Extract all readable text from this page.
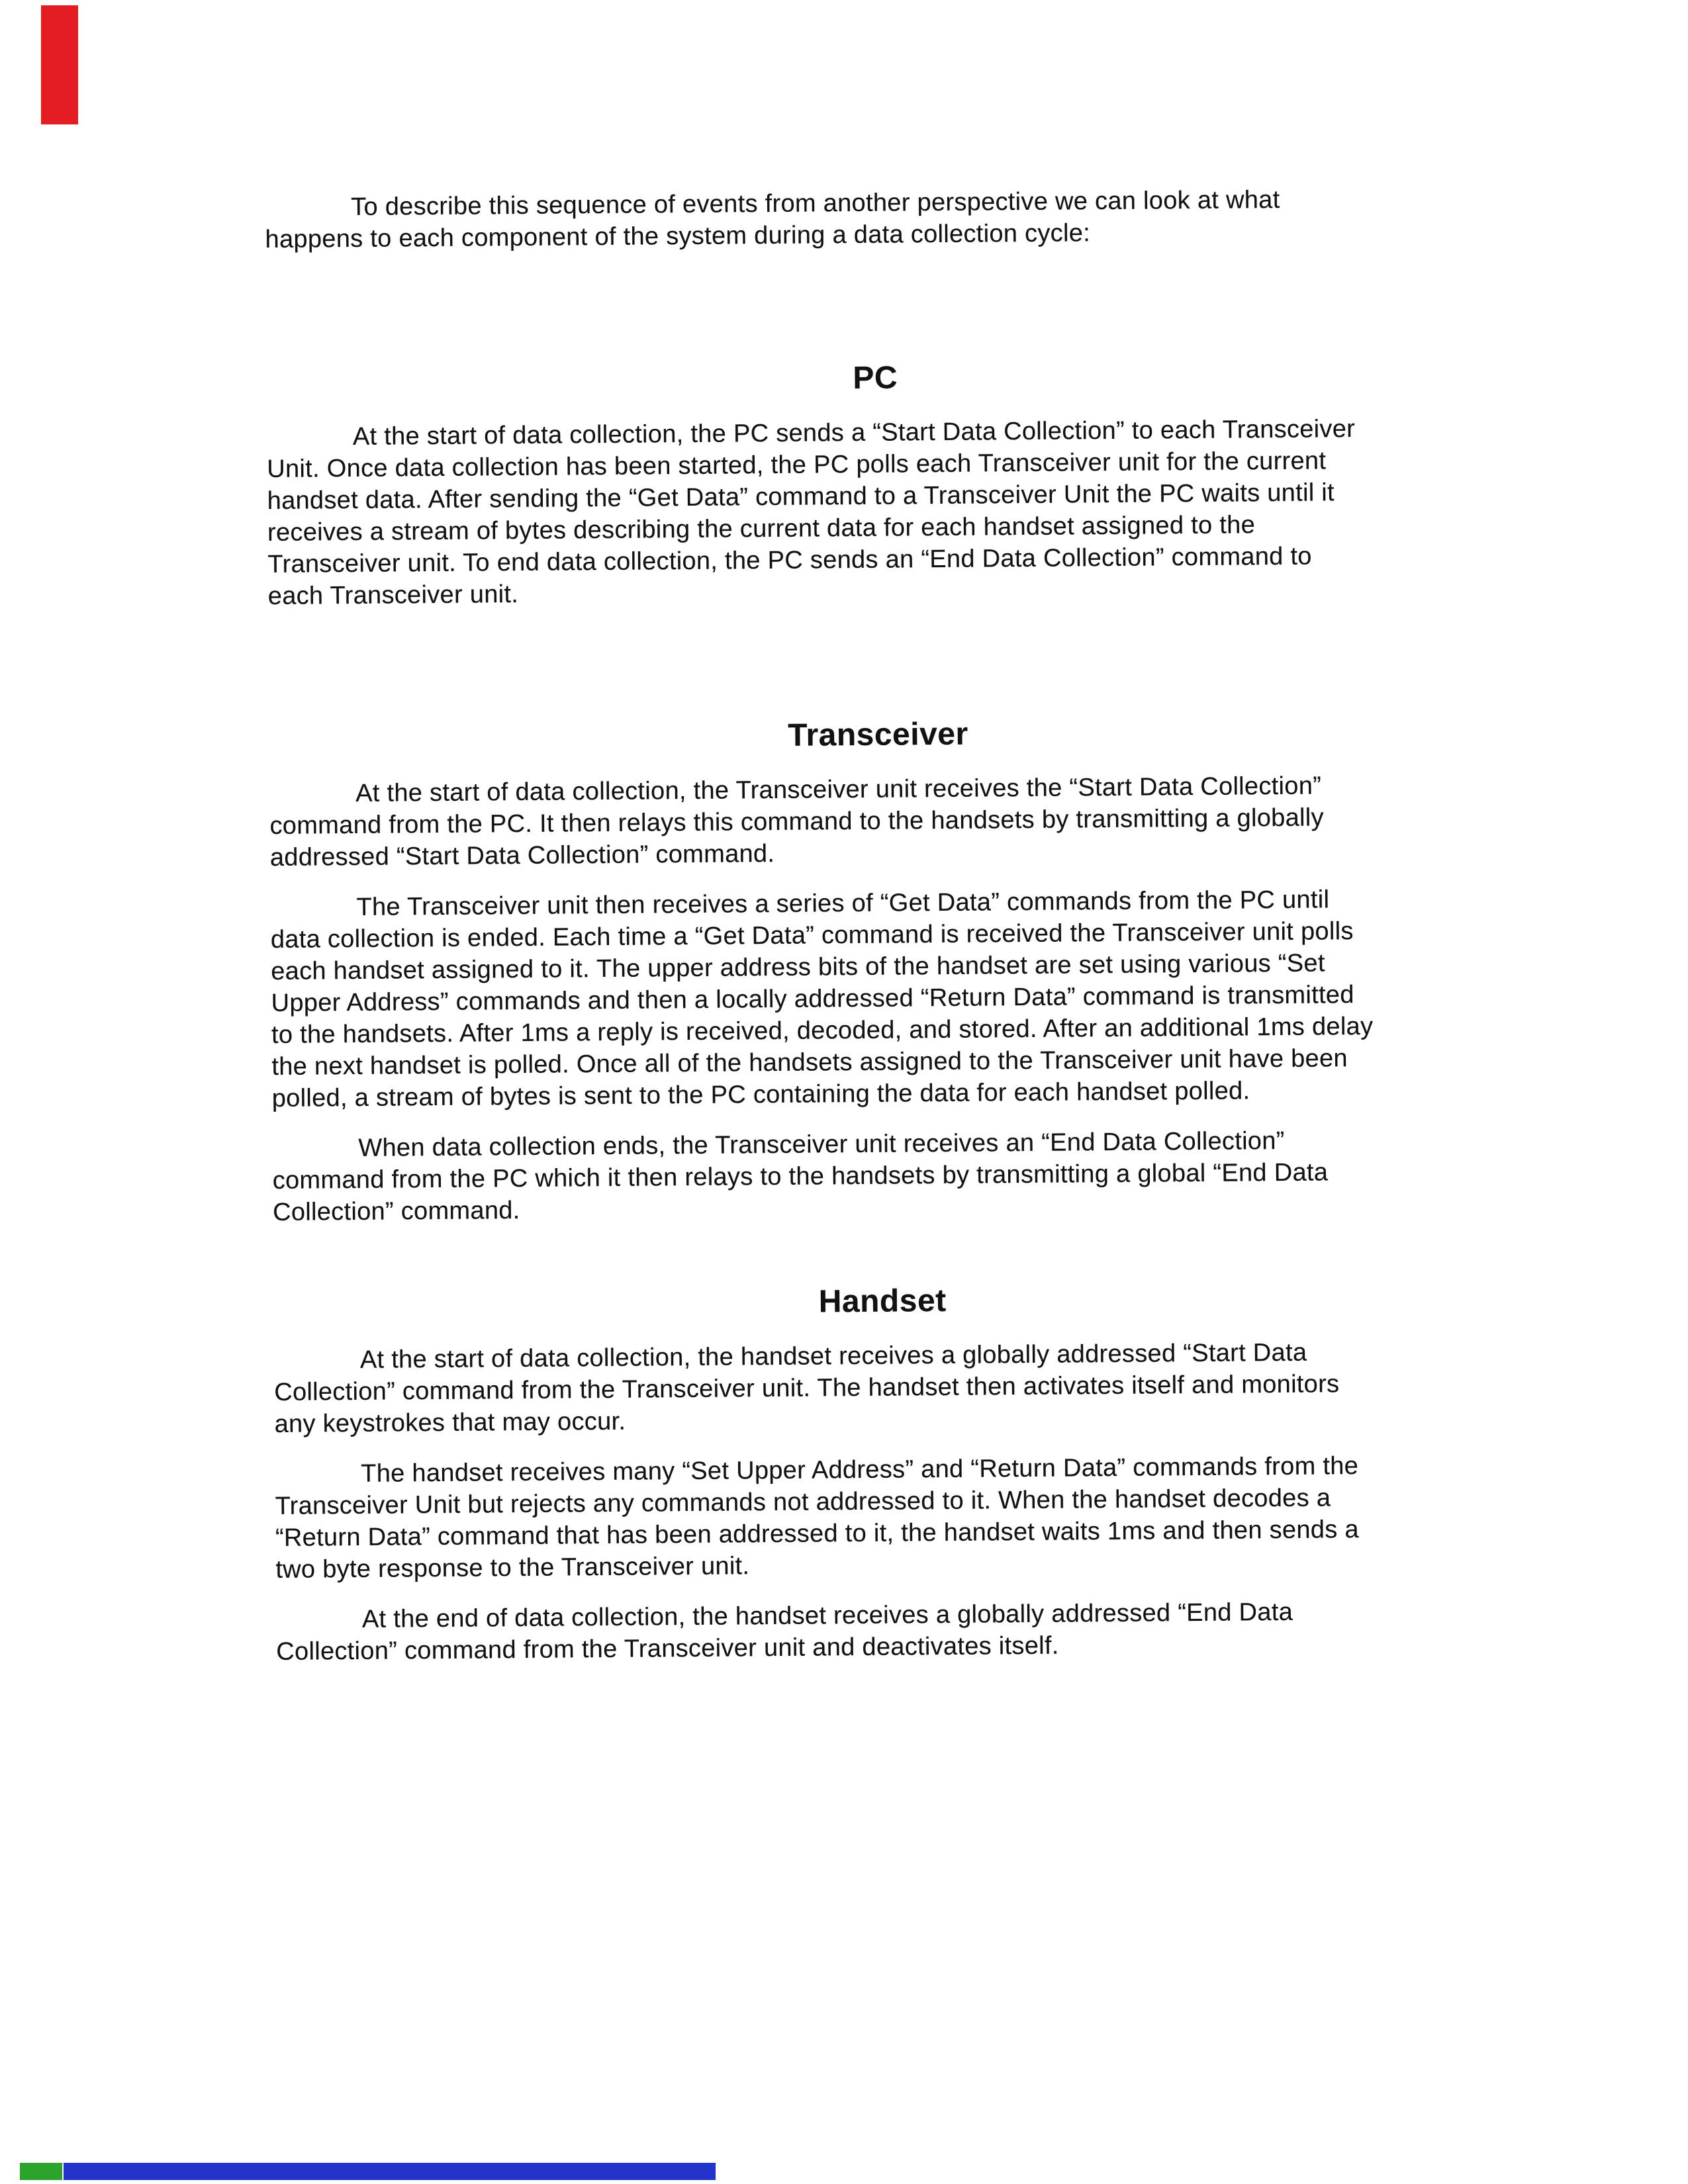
To describe this sequence of events from another perspective we can look at what
happens to each component of the system during a data collection cycle:
PC
At the start of data collection, the PC sends a “Start Data Collection” to each Transceiver
Unit. Once data collection has been started, the PC polls each Transceiver unit for the current
handset data. After sending the “Get Data” command to a Transceiver Unit the PC waits until it
receives a stream of bytes describing the current data for each handset assigned to the
Transceiver unit. To end data collection, the PC sends an “End Data Collection” command to
each Transceiver unit.
Transceiver
At the start of data collection, the Transceiver unit receives the “Start Data Collection”
command from the PC. It then relays this command to the handsets by transmitting a globally
addressed “Start Data Collection” command.
The Transceiver unit then receives a series of “Get Data” commands from the PC until
data collection is ended. Each time a “Get Data” command is received the Transceiver unit polls
each handset assigned to it. The upper address bits of the handset are set using various “Set
Upper Address” commands and then a locally addressed “Return Data” command is transmitted
to the handsets. After 1ms a reply is received, decoded, and stored. After an additional 1ms delay
the next handset is polled. Once all of the handsets assigned to the Transceiver unit have been
polled, a stream of bytes is sent to the PC containing the data for each handset polled.
When data collection ends, the Transceiver unit receives an “End Data Collection”
command from the PC which it then relays to the handsets by transmitting a global “End Data
Collection” command.
Handset
At the start of data collection, the handset receives a globally addressed “Start Data
Collection” command from the Transceiver unit. The handset then activates itself and monitors
any keystrokes that may occur.
The handset receives many “Set Upper Address” and “Return Data” commands from the
Transceiver Unit but rejects any commands not addressed to it. When the handset decodes a
“Return Data” command that has been addressed to it, the handset waits 1ms and then sends a
two byte response to the Transceiver unit.
At the end of data collection, the handset receives a globally addressed “End Data
Collection” command from the Transceiver unit and deactivates itself.
